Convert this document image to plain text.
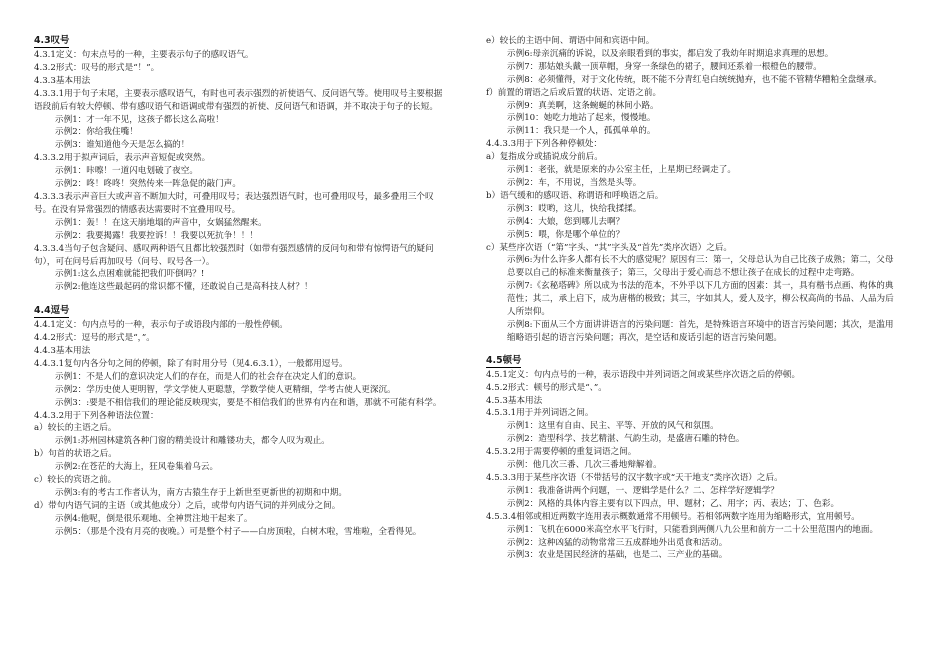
4.3叹号

4.3.1定义：句末点号的一种，主要表示句子的感叹语气。

4.3.2形式：叹号的形式是“！”。

4.3.3基本用法

4.3.3.1用于句子末尾，主要表示感叹语气，有时也可表示强烈的祈使语气、反问语气等。使用叹号主要根据语段前后有较大停顿、带有感叹语气和语调或带有强烈的祈使、反问语气和语调，并不取决于句子的长短。

示例1：才一年不见，这孩子都长这么高啦！

示例2：你给我住嘴！

示例3：谁知道他今天是怎么搞的！

4.3.3.2用于拟声词后，表示声音短促或突然。

示例1：咔嚓！一道闪电划破了夜空。

示例2：咚！咚咚！突然传来一阵急促的敲门声。

4.3.3.3表示声音巨大或声音不断加大时，可叠用叹号；表达强烈语气时，也可叠用叹号，最多叠用三个叹号。在没有异常强烈的情感表达需要时不宜叠用叹号。

示例1：轰！！在这天崩地塌的声音中，女娲猛然醒来。

示例2：我要揭露！我要控诉！！我要以死抗争！！！

4.3.3.4当句子包含疑问、感叹两种语气且都比较强烈时（如带有强烈感情的反问句和带有惊愕语气的疑问句），可在问号后再加叹号（问号、叹号各一）。

示例1:这么点困难就能把我们吓倒吗？!

示例2:他连这些最起码的常识都不懂，还敢说自己是高科技人材？！

4.4逗号

4.4.1定义：句内点号的一种，表示句子或语段内部的一般性停顿。

4.4.2形式：逗号的形式是“，”。

4.4.3基本用法

4.4.3.1复句内各分句之间的停顿，除了有时用分号（见4.6.3.1），一般都用逗号。

示例1：不是人们的意识决定人们的存在，而是人们的社会存在决定人们的意识。

示例2：学历史使人更明智，学文学使人更聪慧，学数学使人更精细，学考古使人更深沉。

示例3：:要是不相信我们的理论能反映现实，要是不相信我们的世界有内在和谐，那就不可能有科学。

4.4.3.2用于下列各种语法位置：

a）较长的主语之后。

示例1:苏州园林建筑各种门窗的精美设计和雕镂功夫，都令人叹为观止。

b）句首的状语之后。

示例2:在苍茫的大海上，狂风卷集着乌云。

c）较长的宾语之前。

示例3:有的考古工作者认为，南方古猿生存于上新世至更新世的初期和中期。

d）带句内语气词的主语（或其他成分）之后，或带句内语气词的并列成分之间。

示例4:他呢，倒是很乐观地、全神贯注地干起来了。

示例5：（那是个没有月亮的夜晚。）可是整个村子——白房顶啦，白树木啦，雪堆啦，全看得见。

e）较长的主语中间、谓语中间和宾语中间。

示例6:母亲沉痛的诉说，以及亲眼看到的事实，都启发了我幼年时期追求真理的思想。

示例7：那姑娘头戴一顶草帽，身穿一条绿色的裙子，腰间还系着一根橙色的腰带。

示例8：必须懂得，对于文化传统，既不能不分青红皂白统统抛弃，也不能不管精华糟粕全盘继承。

f）前置的谓语之后或后置的状语、定语之前。

示例9：真美啊，这条蜿蜒的林间小路。

示例10：她吃力地站了起来，慢慢地。

示例11：我只是一个人，孤孤单单的。

4.4.3.3用于下列各种停顿处：

a）复指成分或插说成分前后。

示例1：老张，就是原来的办公室主任，上星期已经调走了。

示例2：车，不用说，当然是头等。

b）语气缓和的感叹语、称谓语和呼唤语之后。

示例3：哎哟，这儿，快给我揉揉。

示例4：大娘，您到哪儿去啊？

示例5：喂，你是哪个单位的？

c）某些序次语（“第”字头、“其”字头及“首先”类序次语）之后。

示例6:为什么许多人都有长不大的感觉呢？原因有三：第一，父母总认为自己比孩子成熟；第二，父母总要以自己的标准来衡量孩子；第三，父母出于爱心而总不想让孩子在成长的过程中走弯路。

示例7:《玄秘塔碑》所以成为书法的范本，不外乎以下几方面的因素：其一，具有楷书点画、构体的典范性；其二，承上启下，成为唐楷的极致；其三，字如其人，爱人及字，柳公权高尚的书品、人品为后人所崇仰。

示例8:下面从三个方面讲讲语言的污染问题：首先，是特殊语言环境中的语言污染问题；其次，是滥用缩略语引起的语言污染问题；再次，是空话和废话引起的语言污染问题。

4.5顿号

4.5.1定义：句内点号的一种，表示语段中并列词语之间或某些序次语之后的停顿。

4.5.2形式：顿号的形式是“、”。

4.5.3基本用法

4.5.3.1用于并列词语之间。

示例1：这里有自由、民主、平等、开放的风气和氛围。

示例2：造型科学、技艺精湛、气韵生动，是盛唐石雕的特色。

4.5.3.2用于需要停顿的重复词语之间。

示例：他几次三番、几次三番地辩解着。

4.5.3.3用于某些序次语（不带括号的汉字数字或“天干地支”类序次语）之后。

示例1：我准备讲两个问题，一、逻辑学是什么？二、怎样学好逻辑学？

示例2：风格的具体内容主要有以下四点，甲、题材；乙、用字；丙、表达；丁、色彩。

4.5.3.4相邻或相近两数字连用表示概数通常不用顿号。若相邻两数字连用为缩略形式，宜用顿号。

示例1：飞机在6000米高空水平飞行时，只能看到两侧八九公里和前方一二十公里范围内的地面。

示例2：这种凶猛的动物常常三五成群地外出觅食和活动。

示例3：农业是国民经济的基础，也是二、三产业的基础。
